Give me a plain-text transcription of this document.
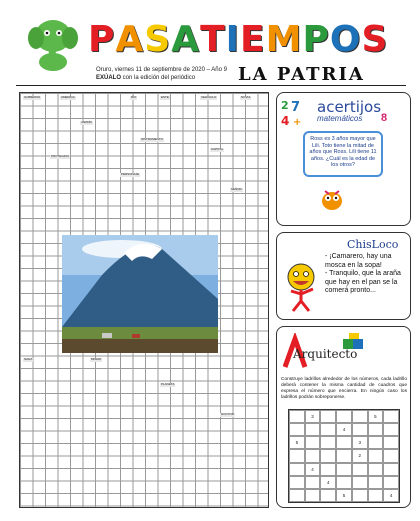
PASATIEMPOS
Oruro, viernes 11 de septiembre de 2020 – Año 9
EXÚALO con la edición del periódico	LA PATRIA
GOBIERNO	AMERICA	RÍO	ESTE	VEHICULO	NOVIA
JARDÍN
INSTRUMENTO
CAPITAL
PROTEGIDO
PERSONAJE
SEÑOR
NADA	MISMO
PLANETA
DOCTOR
2 7
4 +
acertijos
matemáticos 8
Ross es 3 años mayor que Lili. Toto tiene la mitad de años que Ross. Lili tiene 11 años. ¿Cuál es la edad de los otros?
ChisLoco
- ¡Camarero, hay una mosca en la sopa!
- Tranquilo, que la araña que hay en el pan se la comerá pronto...
Arquitecto
Construye ladrillos alrededor de los números, cada ladrillo deberá contener la misma cantidad de cuadros que expresa el número que encierra. En ningún caso los ladrillos podrán sobreponerse.
3	5
4
5	3
2
4
4
5	4
